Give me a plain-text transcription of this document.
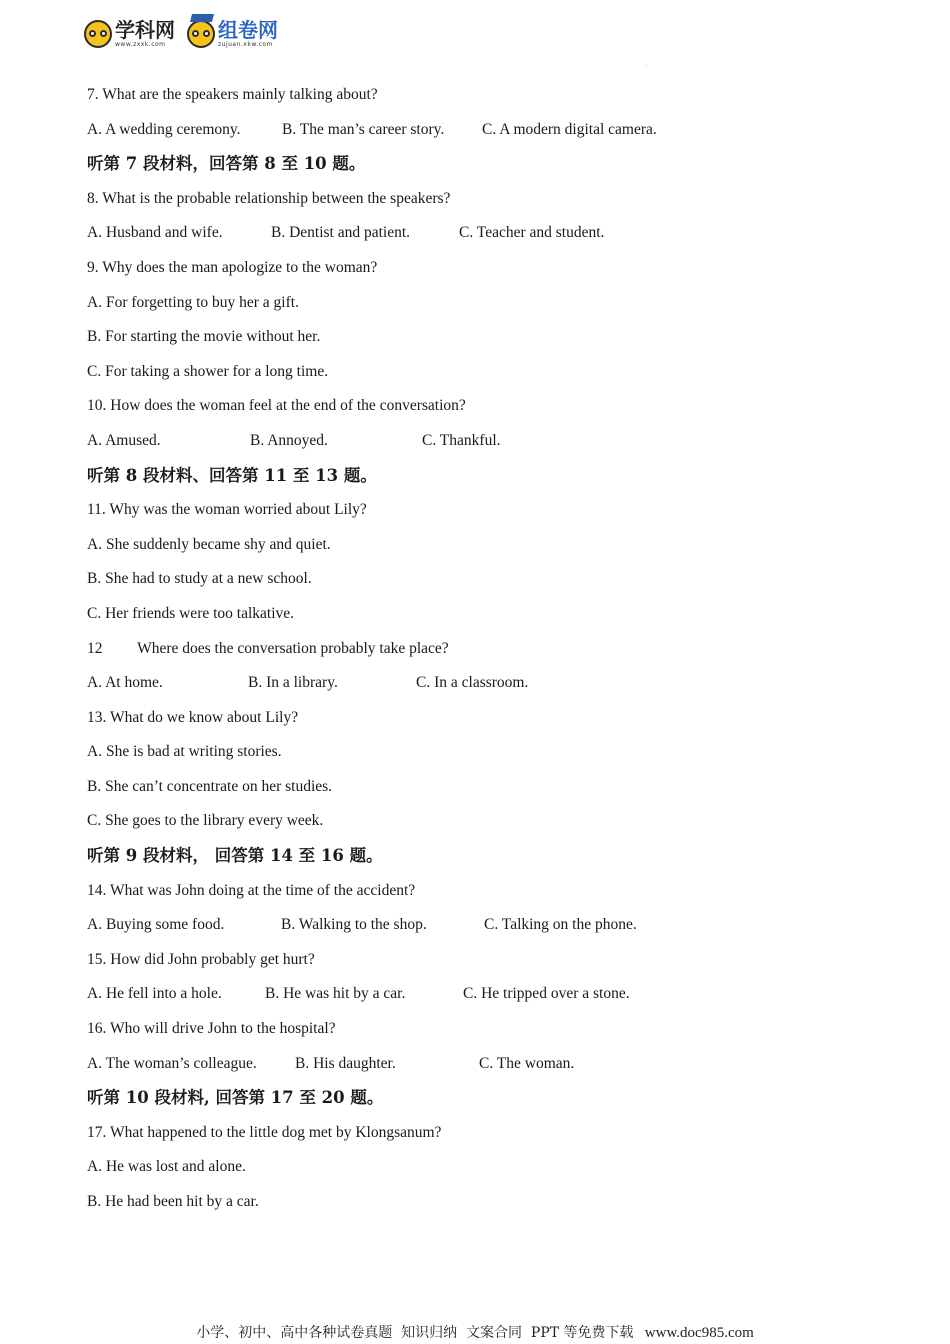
学科网
www.zxxk.com
组卷网
zujuan.xkw.com
.
7. What are the speakers mainly talking about?
A. A wedding ceremony.	B. The man’s career story.	C. A modern digital camera.
听第 7 段材料，回答第 8 至 10 题。
8. What is the probable relationship between the speakers?
A. Husband and wife.	B. Dentist and patient.	C. Teacher and student.
9. Why does the man apologize to the woman?
A. For forgetting to buy her a gift.
B. For starting the movie without her.
C. For taking a shower for a long time.
10. How does the woman feel at the end of the conversation?
A. Amused.	B. Annoyed.	C. Thankful.
听第 8 段材料、回答第 11 至 13 题。
11. Why was the woman worried about Lily?
A. She suddenly became shy and quiet.
B. She had to study at a new school.
C. Her friends were too talkative.
12         Where does the conversation probably take place?
A. At home.	B. In a library.	C. In a classroom.
13. What do we know about Lily?
A. She is bad at writing stories.
B. She can’t concentrate on her studies.
C. She goes to the library every week.
听第 9 段材料， 回答第 14 至 16 题。
14. What was John doing at the time of the accident?
A. Buying some food.	B. Walking to the shop.	C. Talking on the phone.
15. How did John probably get hurt?
A. He fell into a hole.	B. He was hit by a car.	C. He tripped over a stone.
16. Who will drive John to the hospital?
A. The woman’s colleague.	B. His daughter.	C. The woman.
听第 10 段材料, 回答第 17 至 20 题。
17. What happened to the little dog met by Klongsanum?
A. He was lost and alone.
B. He had been hit by a car.
小学、初中、高中各种试卷真题  知识归纳  文案合同  PPT 等免费下载 www.doc985.com
